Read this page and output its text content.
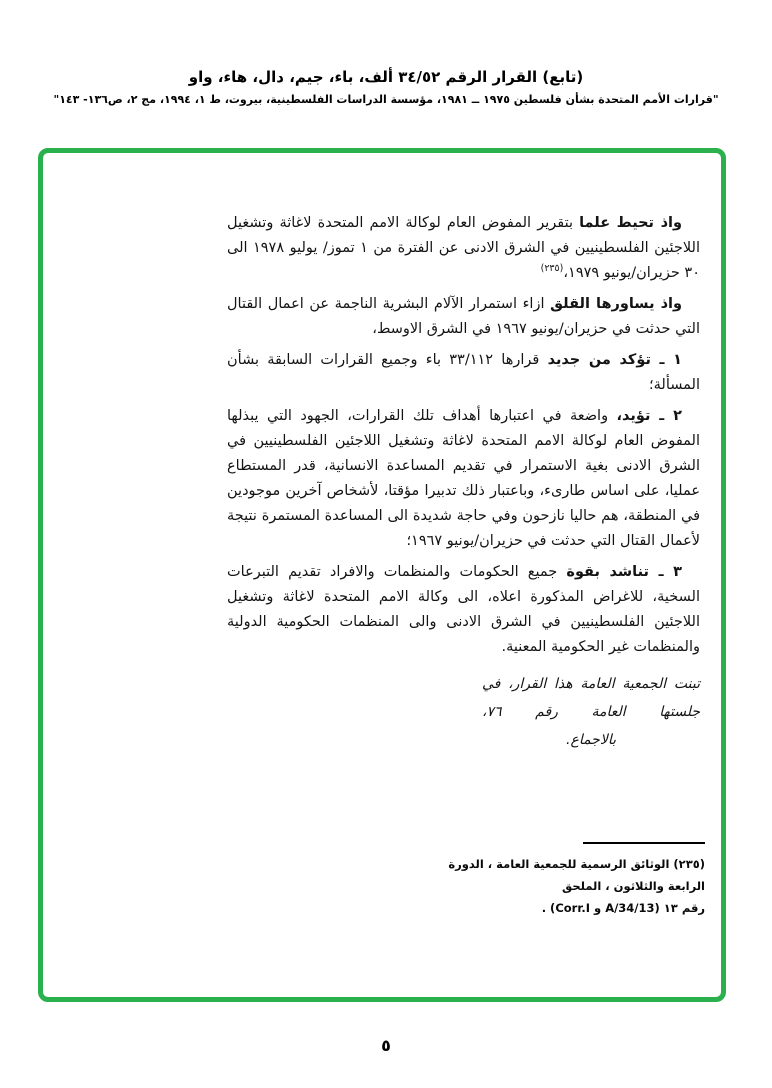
(تابع) القرار الرقم ٣٤/٥٢ ألف، باء، جيم، دال، هاء، واو
"قرارات الأمم المتحدة بشأن فلسطين ١٩٧٥ ــ ١٩٨١، مؤسسة الدراسات الفلسطينية، بيروت، ط ١، ١٩٩٤، مج ٢، ص١٣٦- ١٤٣"

واذ تحيط علما بتقرير المفوض العام لوكالة الامم المتحدة لاغاثة وتشغيل اللاجئين الفلسطينيين في الشرق الادنى عن الفترة من ١ تموز/ يوليو ١٩٧٨ الى ٣٠ حزيران/يونيو ١٩٧٩،$^{(٢٣٥)}$

واذ يساورها القلق ازاء استمرار الآلام البشرية الناجمة عن اعمال القتال التي حدثت في حزيران/يونيو ١٩٦٧ في الشرق الاوسط،

١ ـ تؤكد من جديد قرارها ٣٣/١١٢ باء وجميع القرارات السابقة بشأن المسألة؛

٢ ـ تؤيد، واضعة في اعتبارها أهداف تلك القرارات، الجهود التي يبذلها المفوض العام لوكالة الامم المتحدة لاغاثة وتشغيل اللاجئين الفلسطينيين في الشرق الادنى بغية الاستمرار في تقديم المساعدة الانسانية، قدر المستطاع عمليا، على اساس طارىء، وباعتبار ذلك تدبيرا مؤقتا، لأشخاص آخرين موجودين في المنطقة، هم حاليا نازحون وفي حاجة شديدة الى المساعدة المستمرة نتيجة لأعمال القتال التي حدثت في حزيران/يونيو ١٩٦٧؛

٣ ـ تناشد بقوة جميع الحكومات والمنظمات والافراد تقديم التبرعات السخية، للاغراض المذكورة اعلاه، الى وكالة الامم المتحدة لاغاثة وتشغيل اللاجئين الفلسطينيين في الشرق الادنى والى المنظمات الحكومية الدولية والمنظمات غير الحكومية المعنية.

تبنت الجمعية العامة هذا القرار، في
جلستها العامة رقم ٧٦،
بالاجماع.
(٢٣٥) الوثائق الرسمية للجمعية العامة ، الدورة الرابعة والثلاثون ، الملحق
رقم ١٣ (A/34/13 و Corr.I) .
٥
